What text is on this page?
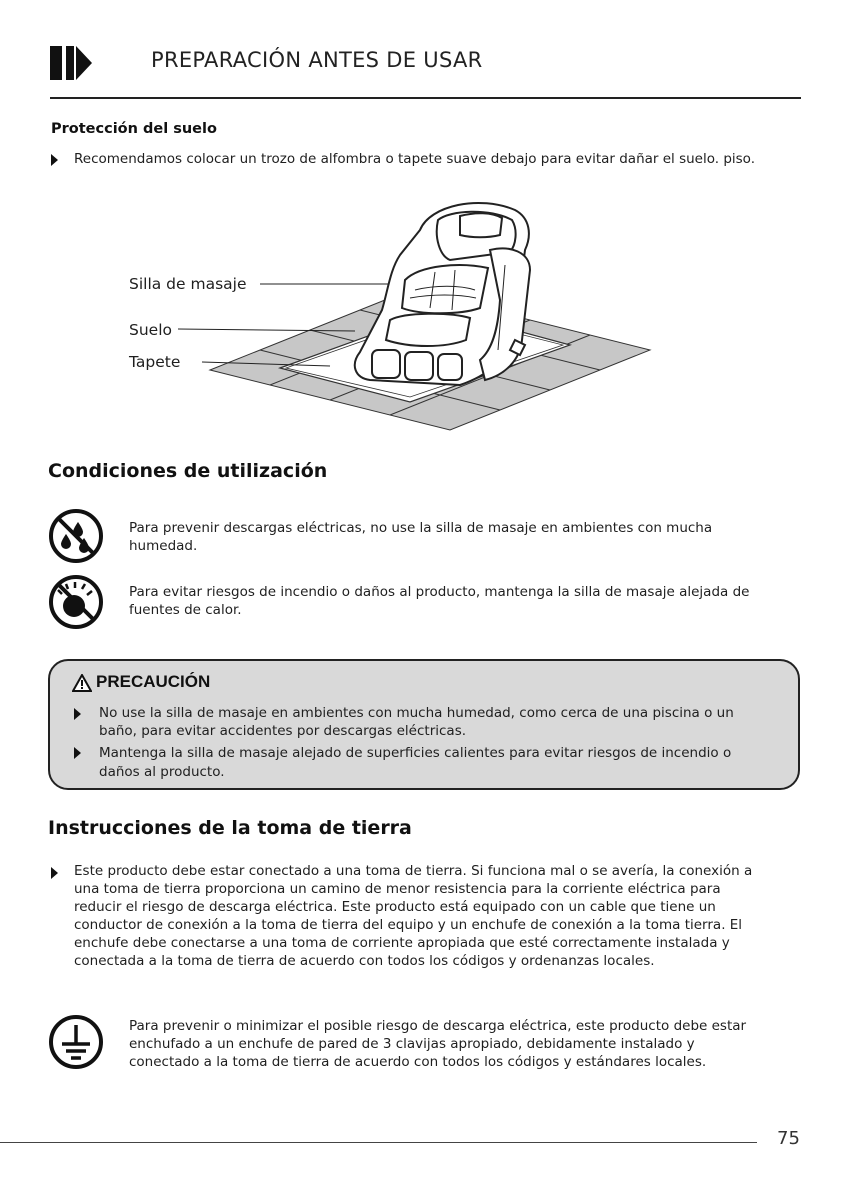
PREPARACIÓN ANTES DE USAR
Protección del suelo
Recomendamos colocar un trozo de alfombra o tapete suave debajo para evitar dañar el suelo. piso.
Silla de masaje
Suelo
Tapete
Condiciones de utilización
Para prevenir descargas eléctricas, no use la silla de masaje en ambientes con mucha
humedad.
Para evitar riesgos de incendio o daños al producto, mantenga la silla de masaje alejada de
fuentes de calor.
PRECAUCIÓN
No use la silla de masaje en ambientes con mucha humedad, como cerca de una piscina o un
baño, para evitar accidentes por descargas eléctricas.
Mantenga la silla de masaje alejado de superficies calientes para evitar riesgos de incendio o
daños al producto.
Instrucciones de la toma de tierra
Este producto debe estar conectado a una toma de tierra. Si funciona mal o se avería, la conexión a
una toma de tierra proporciona un camino de menor resistencia para la corriente eléctrica para
reducir el riesgo de descarga eléctrica. Este producto está equipado con un cable que tiene un
conductor de conexión a la toma de tierra del equipo y un enchufe de conexión a la toma tierra. El
enchufe debe conectarse a una toma de corriente apropiada que esté correctamente instalada y
conectada a la toma de tierra de acuerdo con todos los códigos y ordenanzas locales.
Para prevenir o minimizar el posible riesgo de descarga eléctrica, este producto debe estar
enchufado a un enchufe de pared de 3 clavijas apropiado, debidamente instalado y
conectado a la toma de tierra de acuerdo con todos los códigos y estándares locales.
75
